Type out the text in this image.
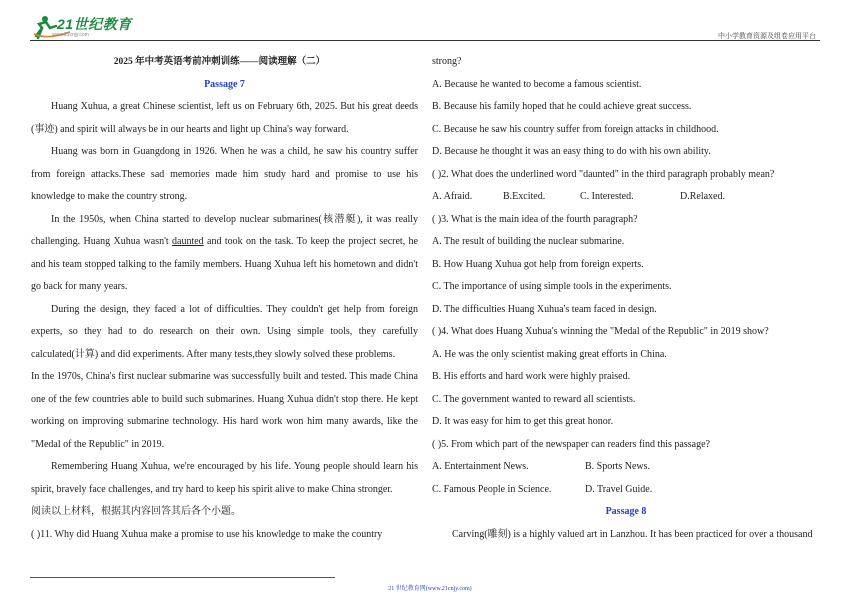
21世纪教育
www.21cnjy.com	中小学教育资源及组卷应用平台

2025 年中考英语考前冲刺训练——阅读理解（二）

Passage 7

Huang Xuhua, a great Chinese scientist, left us on February 6th, 2025. But his great deeds (事迹) and spirit will always be in our hearts and light up China's way forward.

Huang was born in Guangdong in 1926. When he was a child, he saw his country suffer from foreign attacks.These sad memories made him study hard and promise to use his knowledge to make the country strong.

In the 1950s, when China started to develop nuclear submarines(核潜艇), it was really challenging. Huang Xuhua wasn't daunted and took on the task. To keep the project secret, he and his team stopped talking to the family members. Huang Xuhua left his hometown and didn't go back for many years.

During the design, they faced a lot of difficulties. They couldn't get help from foreign experts, so they had to do research on their own. Using simple tools, they carefully calculated(计算) and did experiments. After many tests,they slowly solved these problems.

In the 1970s, China's first nuclear submarine was successfully built and tested. This made China one of the few countries able to build such submarines. Huang Xuhua didn't stop there. He kept working on improving submarine technology. His hard work won him many awards, like the "Medal of the Republic" in 2019.

Remembering Huang Xuhua, we're encouraged by his life. Young people should learn his spirit, bravely face challenges, and try hard to keep his spirit alive to make China stronger.

阅读以上材料，根据其内容回答其后各个小题。

( )11. Why did Huang Xuhua make a promise to use his knowledge to make the country

strong?

A. Because he wanted to become a famous scientist.

B. Because his family hoped that he could achieve great success.

C. Because he saw his country suffer from foreign attacks in childhood.

D. Because he thought it was an easy thing to do with his own ability.

( )2. What does the underlined word "daunted" in the third paragraph probably mean?

A. Afraid.	B.Excited.	C. Interested.	D.Relaxed.

( )3. What is the main idea of the fourth paragraph?

A. The result of building the nuclear submarine.

B. How Huang Xuhua got help from foreign experts.

C. The importance of using simple tools in the experiments.

D. The difficulties Huang Xuhua's team faced in design.

( )4. What does Huang Xuhua's winning the "Medal of the Republic" in 2019 show?

A. He was the only scientist making great efforts in China.

B. His efforts and hard work were highly praised.

C. The government wanted to reward all scientists.

D. It was easy for him to get this great honor.

( )5. From which part of the newspaper can readers find this passage?

A. Entertainment News.	B. Sports News.

C. Famous People in Science.	D. Travel Guide.

Passage 8

Carving(雕刻) is a highly valued art in Lanzhou. It has been practiced for over a thousand

21 世纪教育网(www.21cnjy.com)
